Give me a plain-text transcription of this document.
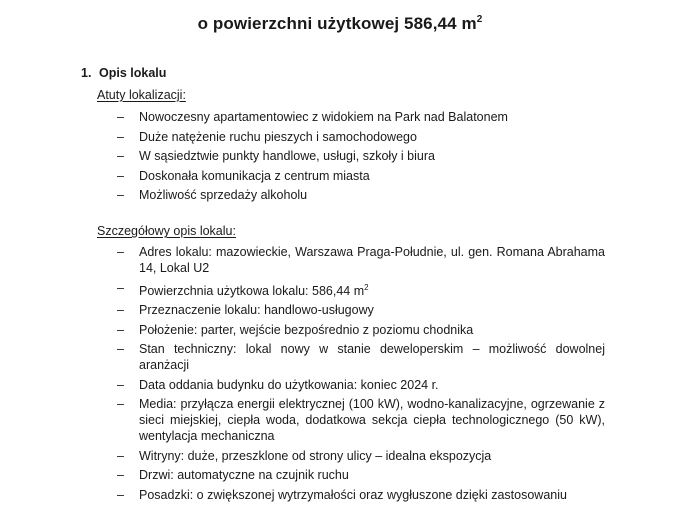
o powierzchni użytkowej 586,44 $m^2$
1. Opis lokalu
Atuty lokalizacji:
– Nowoczesny apartamentowiec z widokiem na Park nad Balatonem
– Duże natężenie ruchu pieszych i samochodowego
– W sąsiedztwie punkty handlowe, usługi, szkoły i biura
– Doskonała komunikacja z centrum miasta
– Możliwość sprzedaży alkoholu
Szczegółowy opis lokalu:
– Adres lokalu: mazowieckie, Warszawa Praga-Południe, ul. gen. Romana Abrahama 14, Lokal U2
– Powierzchnia użytkowa lokalu: 586,44 $m^2$
– Przeznaczenie lokalu: handlowo-usługowy
– Położenie: parter, wejście bezpośrednio z poziomu chodnika
– Stan techniczny: lokal nowy w stanie deweloperskim – możliwość dowolnej aranżacji
– Data oddania budynku do użytkowania: koniec 2024 r.
– Media: przyłącza energii elektrycznej (100 kW), wodno-kanalizacyjne, ogrzewanie z sieci miejskiej, ciepła woda, dodatkowa sekcja ciepła technologicznego (50 kW), wentylacja mechaniczna
– Witryny: duże, przeszklone od strony ulicy – idealna ekspozycja
– Drzwi: automatyczne na czujnik ruchu
– Posadzki: o zwiększonej wytrzymałości oraz wygłuszone dzięki zastosowaniu
